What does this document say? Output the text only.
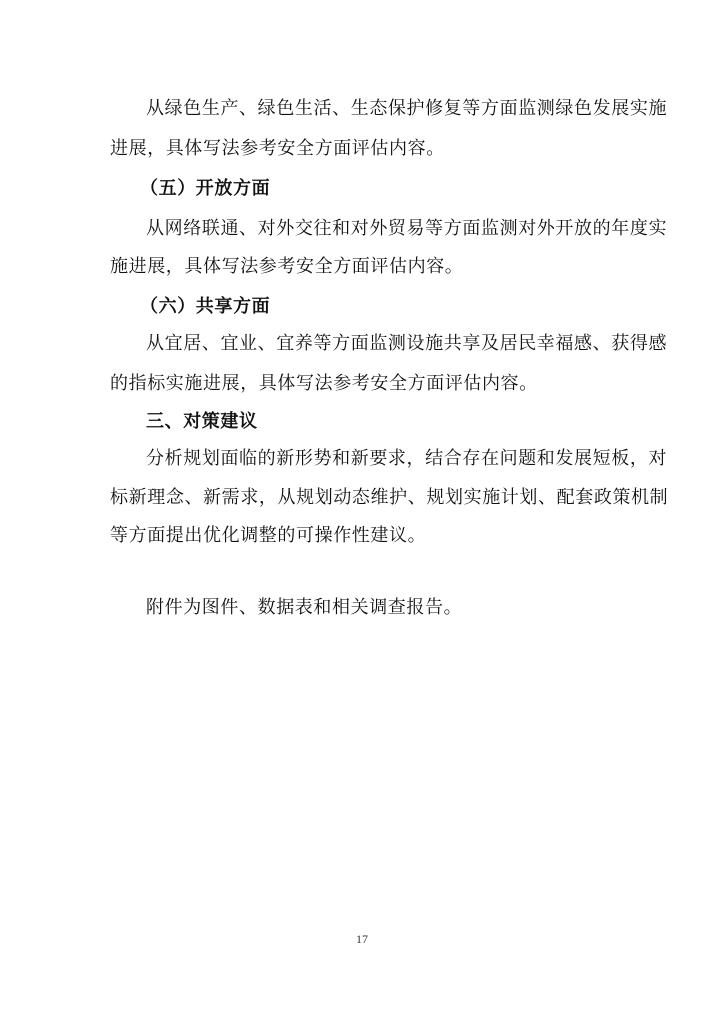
从 绿 色 生 产 、 绿 色 生 活 、 生 态 保 护 修 复 等 方 面 监 测 绿 色 发 展 实 施

进展，具体写法参考安全方面评估内容。

（五）开放方面

从 网 络 联 通 、 对 外 交 往 和 对 外 贸 易 等 方 面 监 测 对 外 开 放 的 年 度 实

施进展，具体写法参考安全方面评估内容。

（六）共享方面

从 宜 居 、 宜 业 、 宜 养 等 方 面 监 测 设 施 共 享 及 居 民 幸 福 感 、 获 得 感

的指标实施进展，具体写法参考安全方面评估内容。

三、对策建议

分 析 规 划 面 临 的 新 形 势 和 新 要 求 ， 结 合 存 在 问 题 和 发 展 短 板 ， 对

标 新 理 念 、 新 需 求 ， 从 规 划 动 态 维 护 、 规 划 实 施 计 划 、 配 套 政 策 机 制

等方面提出优化调整的可操作性建议。

附件为图件、数据表和相关调查报告。

17
